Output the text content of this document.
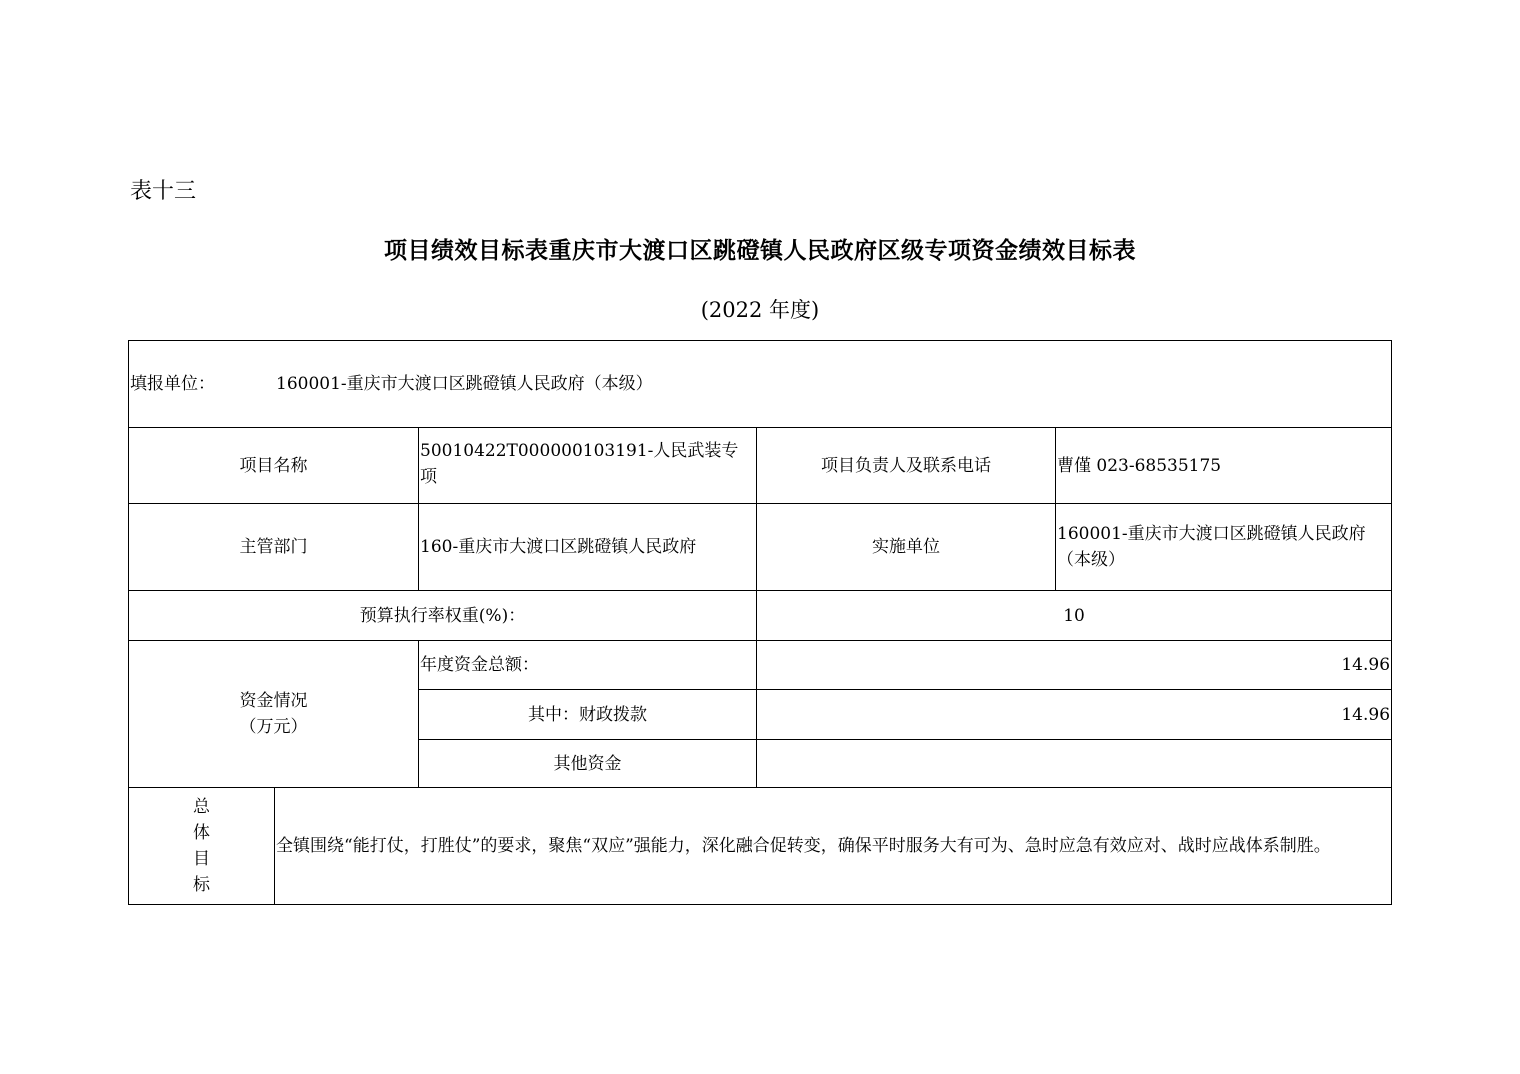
表十三
项目绩效目标表重庆市大渡口区跳磴镇人民政府区级专项资金绩效目标表
(2022 年度)
填报单位： 160001-重庆市大渡口区跳磴镇人民政府（本级）				
项目名称		50010422T000000103191-人民武装专项	项目负责人及联系电话	曹僅 023-68535175
主管部门		160-重庆市大渡口区跳磴镇人民政府	实施单位	160001-重庆市大渡口区跳磴镇人民政府（本级）
预算执行率权重(%)：			10	

资金情况
（万元）		年度资金总额：	14.96	
		其中：财政拨款	14.96	
		其他资金		

总
体
目
标	全镇围绕“能打仗，打胜仗”的要求，聚焦“双应”强能力，深化融合促转变，确保平时服务大有可为、急时应急有效应对、战时应战体系制胜。			
